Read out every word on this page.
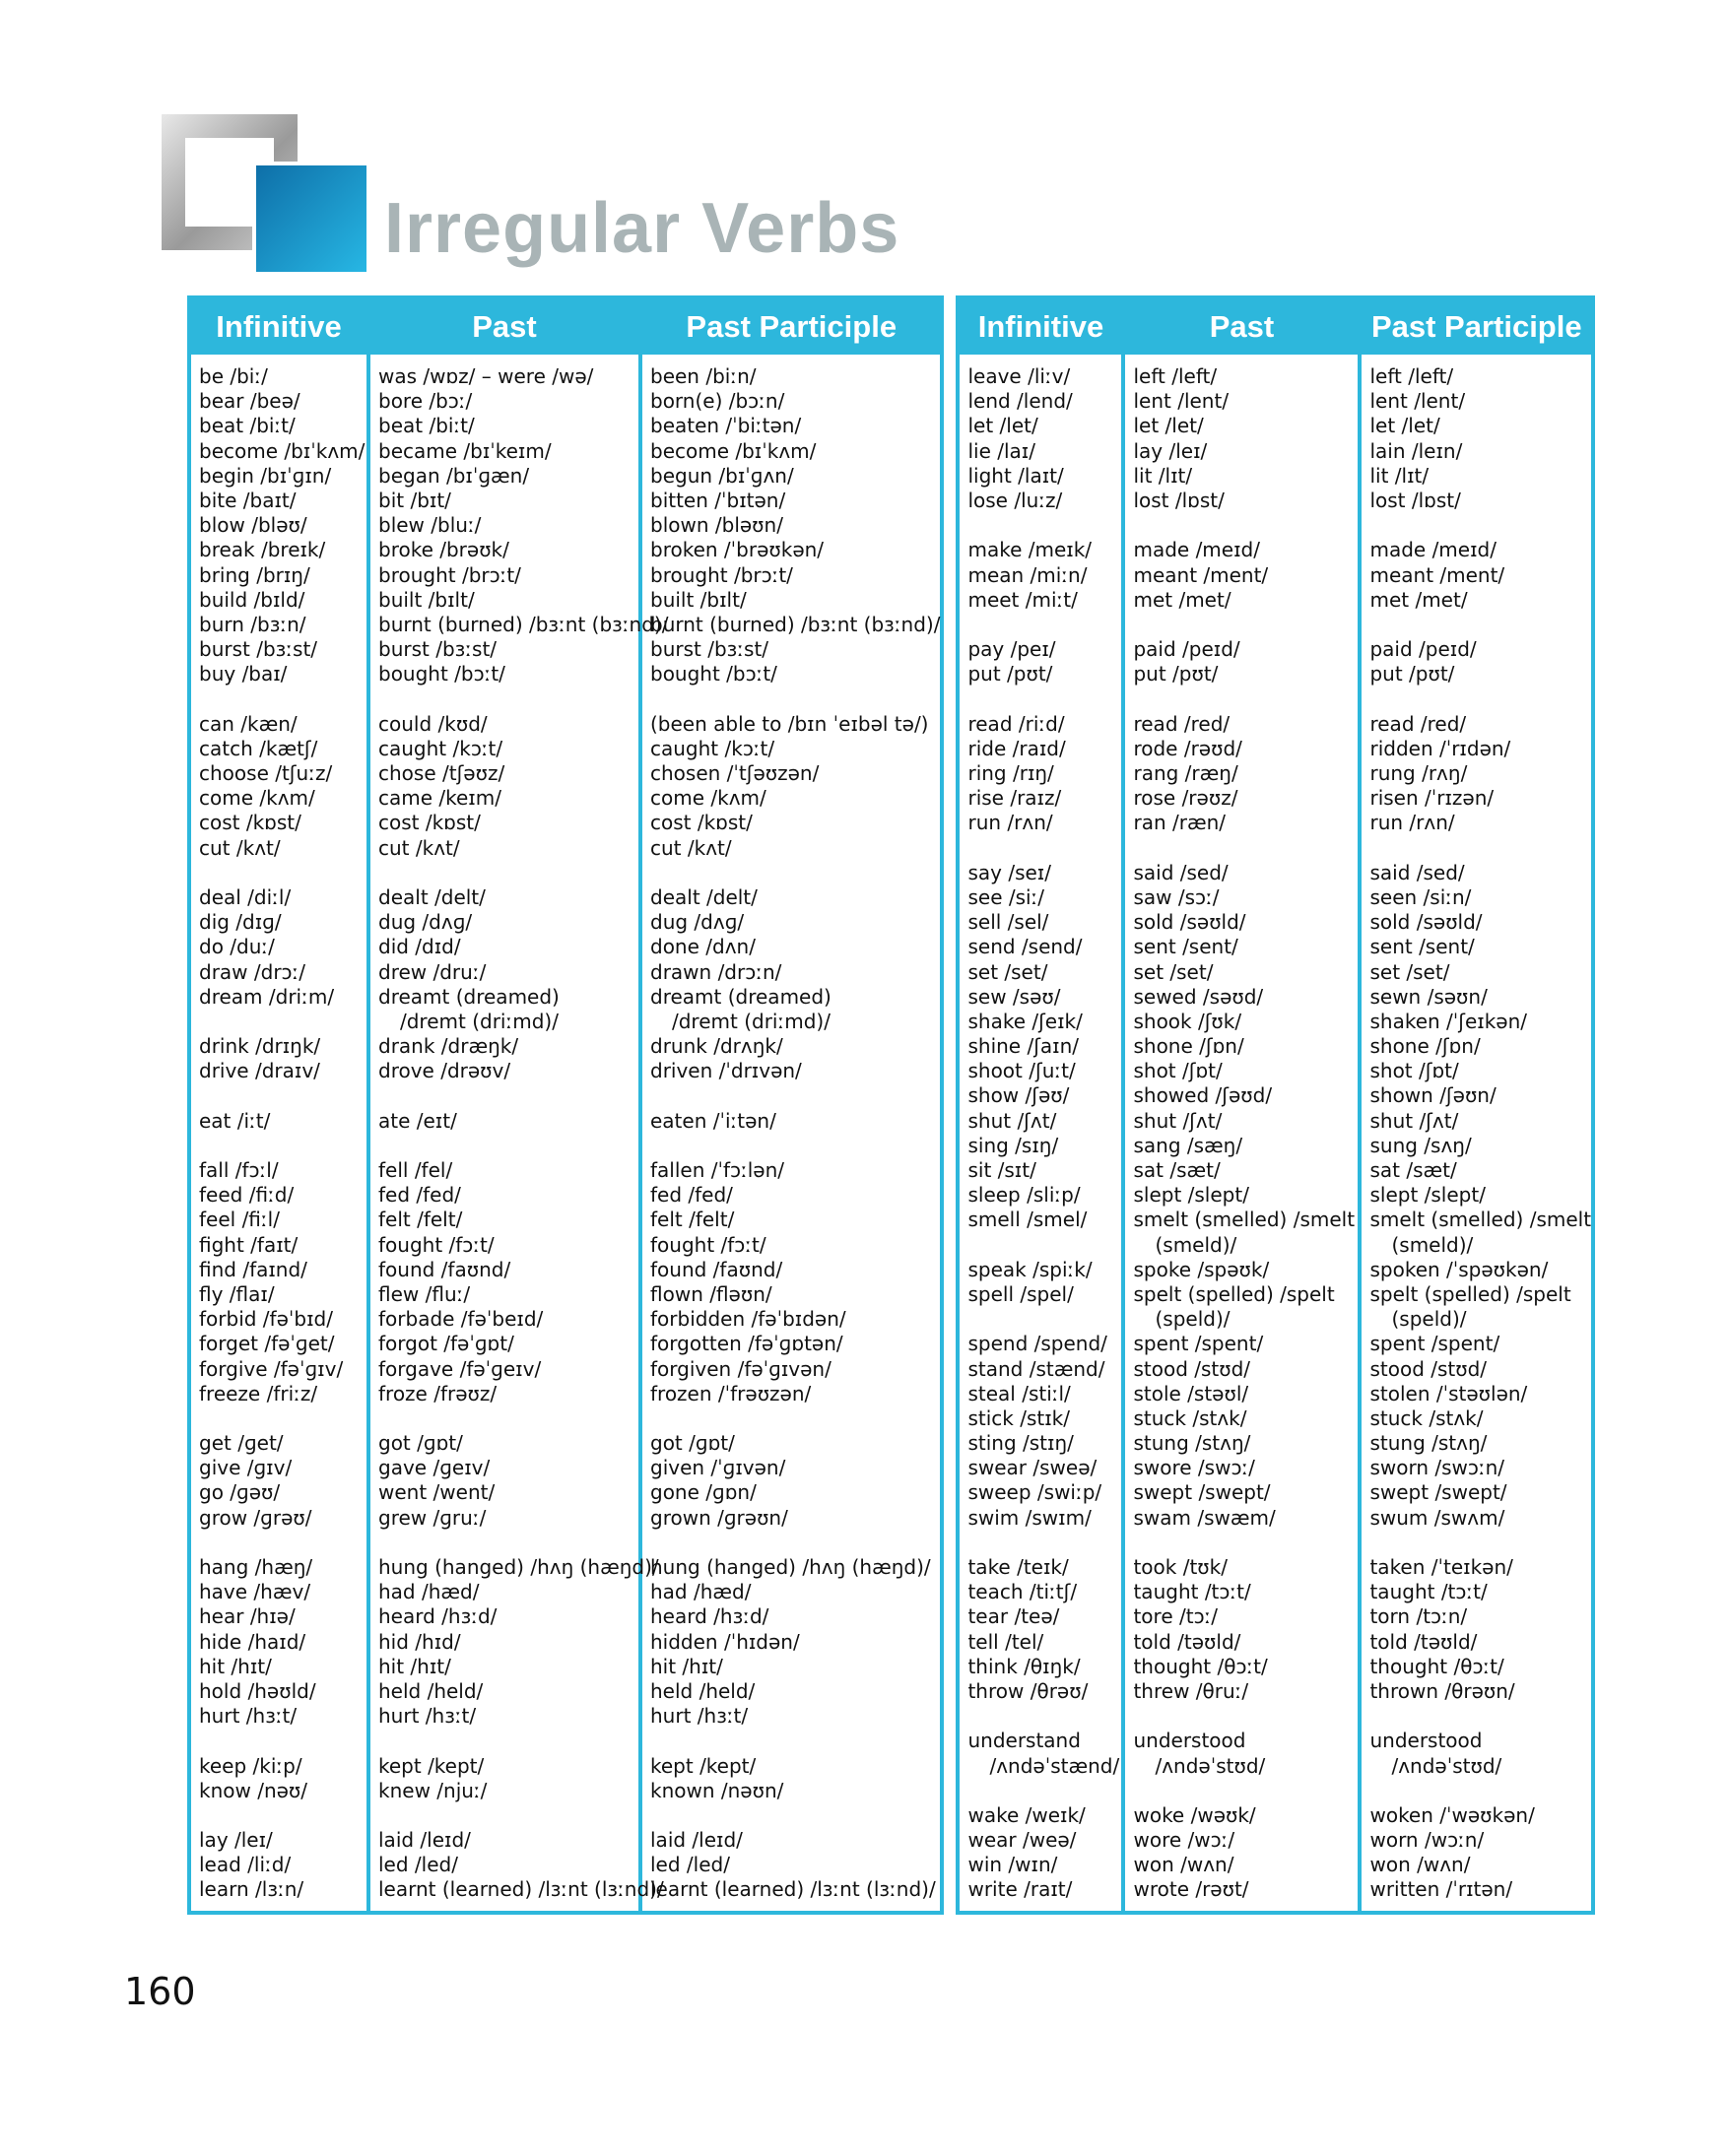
Irregular Verbs
Infinitive
be /biː/
bear /beə/
beat /biːt/
become /bɪˈkʌm/
begin /bɪˈɡɪn/
bite /baɪt/
blow /bləʊ/
break /breɪk/
bring /brɪŋ/
build /bɪld/
burn /bɜːn/
burst /bɜːst/
buy /baɪ/
can /kæn/
catch /kætʃ/
choose /tʃuːz/
come /kʌm/
cost /kɒst/
cut /kʌt/
deal /diːl/
dig /dɪɡ/
do /duː/
draw /drɔː/
dream /driːm/
drink /drɪŋk/
drive /draɪv/
eat /iːt/
fall /fɔːl/
feed /fiːd/
feel /fiːl/
fight /faɪt/
find /faɪnd/
fly /flaɪ/
forbid /fəˈbɪd/
forget /fəˈɡet/
forgive /fəˈɡɪv/
freeze /friːz/
get /ɡet/
give /ɡɪv/
go /ɡəʊ/
grow /ɡrəʊ/
hang /hæŋ/
have /hæv/
hear /hɪə/
hide /haɪd/
hit /hɪt/
hold /həʊld/
hurt /hɜːt/
keep /kiːp/
know /nəʊ/
lay /leɪ/
lead /liːd/
learn /lɜːn/
Past
was /wɒz/ – were /wə/
bore /bɔː/
beat /biːt/
became /bɪˈkeɪm/
began /bɪˈɡæn/
bit /bɪt/
blew /bluː/
broke /brəʊk/
brought /brɔːt/
built /bɪlt/
burnt (burned) /bɜːnt (bɜːnd)/
burst /bɜːst/
bought /bɔːt/
could /kʊd/
caught /kɔːt/
chose /tʃəʊz/
came /keɪm/
cost /kɒst/
cut /kʌt/
dealt /delt/
dug /dʌɡ/
did /dɪd/
drew /druː/
dreamt (dreamed)
/dremt (driːmd)/
drank /dræŋk/
drove /drəʊv/
ate /eɪt/
fell /fel/
fed /fed/
felt /felt/
fought /fɔːt/
found /faʊnd/
flew /fluː/
forbade /fəˈbeɪd/
forgot /fəˈɡɒt/
forgave /fəˈɡeɪv/
froze /frəʊz/
got /ɡɒt/
gave /ɡeɪv/
went /went/
grew /ɡruː/
hung (hanged) /hʌŋ (hæŋd)/
had /hæd/
heard /hɜːd/
hid /hɪd/
hit /hɪt/
held /held/
hurt /hɜːt/
kept /kept/
knew /njuː/
laid /leɪd/
led /led/
learnt (learned) /lɜːnt (lɜːnd)/
Past Participle
been /biːn/
born(e) /bɔːn/
beaten /ˈbiːtən/
become /bɪˈkʌm/
begun /bɪˈɡʌn/
bitten /ˈbɪtən/
blown /bləʊn/
broken /ˈbrəʊkən/
brought /brɔːt/
built /bɪlt/
burnt (burned) /bɜːnt (bɜːnd)/
burst /bɜːst/
bought /bɔːt/
(been able to /bɪn ˈeɪbəl tə/)
caught /kɔːt/
chosen /ˈtʃəʊzən/
come /kʌm/
cost /kɒst/
cut /kʌt/
dealt /delt/
dug /dʌɡ/
done /dʌn/
drawn /drɔːn/
dreamt (dreamed)
/dremt (driːmd)/
drunk /drʌŋk/
driven /ˈdrɪvən/
eaten /ˈiːtən/
fallen /ˈfɔːlən/
fed /fed/
felt /felt/
fought /fɔːt/
found /faʊnd/
flown /fləʊn/
forbidden /fəˈbɪdən/
forgotten /fəˈɡɒtən/
forgiven /fəˈɡɪvən/
frozen /ˈfrəʊzən/
got /ɡɒt/
given /ˈɡɪvən/
gone /ɡɒn/
grown /ɡrəʊn/
hung (hanged) /hʌŋ (hæŋd)/
had /hæd/
heard /hɜːd/
hidden /ˈhɪdən/
hit /hɪt/
held /held/
hurt /hɜːt/
kept /kept/
known /nəʊn/
laid /leɪd/
led /led/
learnt (learned) /lɜːnt (lɜːnd)/
Infinitive
leave /liːv/
lend /lend/
let /let/
lie /laɪ/
light /laɪt/
lose /luːz/
make /meɪk/
mean /miːn/
meet /miːt/
pay /peɪ/
put /pʊt/
read /riːd/
ride /raɪd/
ring /rɪŋ/
rise /raɪz/
run /rʌn/
say /seɪ/
see /siː/
sell /sel/
send /send/
set /set/
sew /səʊ/
shake /ʃeɪk/
shine /ʃaɪn/
shoot /ʃuːt/
show /ʃəʊ/
shut /ʃʌt/
sing /sɪŋ/
sit /sɪt/
sleep /sliːp/
smell /smel/
speak /spiːk/
spell /spel/
spend /spend/
stand /stænd/
steal /stiːl/
stick /stɪk/
sting /stɪŋ/
swear /sweə/
sweep /swiːp/
swim /swɪm/
take /teɪk/
teach /tiːtʃ/
tear /teə/
tell /tel/
think /θɪŋk/
throw /θrəʊ/
understand
/ʌndəˈstænd/
wake /weɪk/
wear /weə/
win /wɪn/
write /raɪt/
Past
left /left/
lent /lent/
let /let/
lay /leɪ/
lit /lɪt/
lost /lɒst/
made /meɪd/
meant /ment/
met /met/
paid /peɪd/
put /pʊt/
read /red/
rode /rəʊd/
rang /ræŋ/
rose /rəʊz/
ran /ræn/
said /sed/
saw /sɔː/
sold /səʊld/
sent /sent/
set /set/
sewed /səʊd/
shook /ʃʊk/
shone /ʃɒn/
shot /ʃɒt/
showed /ʃəʊd/
shut /ʃʌt/
sang /sæŋ/
sat /sæt/
slept /slept/
smelt (smelled) /smelt
(smeld)/
spoke /spəʊk/
spelt (spelled) /spelt
(speld)/
spent /spent/
stood /stʊd/
stole /stəʊl/
stuck /stʌk/
stung /stʌŋ/
swore /swɔː/
swept /swept/
swam /swæm/
took /tʊk/
taught /tɔːt/
tore /tɔː/
told /təʊld/
thought /θɔːt/
threw /θruː/
understood
/ʌndəˈstʊd/
woke /wəʊk/
wore /wɔː/
won /wʌn/
wrote /rəʊt/
Past Participle
left /left/
lent /lent/
let /let/
lain /leɪn/
lit /lɪt/
lost /lɒst/
made /meɪd/
meant /ment/
met /met/
paid /peɪd/
put /pʊt/
read /red/
ridden /ˈrɪdən/
rung /rʌŋ/
risen /ˈrɪzən/
run /rʌn/
said /sed/
seen /siːn/
sold /səʊld/
sent /sent/
set /set/
sewn /səʊn/
shaken /ˈʃeɪkən/
shone /ʃɒn/
shot /ʃɒt/
shown /ʃəʊn/
shut /ʃʌt/
sung /sʌŋ/
sat /sæt/
slept /slept/
smelt (smelled) /smelt
(smeld)/
spoken /ˈspəʊkən/
spelt (spelled) /spelt
(speld)/
spent /spent/
stood /stʊd/
stolen /ˈstəʊlən/
stuck /stʌk/
stung /stʌŋ/
sworn /swɔːn/
swept /swept/
swum /swʌm/
taken /ˈteɪkən/
taught /tɔːt/
torn /tɔːn/
told /təʊld/
thought /θɔːt/
thrown /θrəʊn/
understood
/ʌndəˈstʊd/
woken /ˈwəʊkən/
worn /wɔːn/
won /wʌn/
written /ˈrɪtən/
160
